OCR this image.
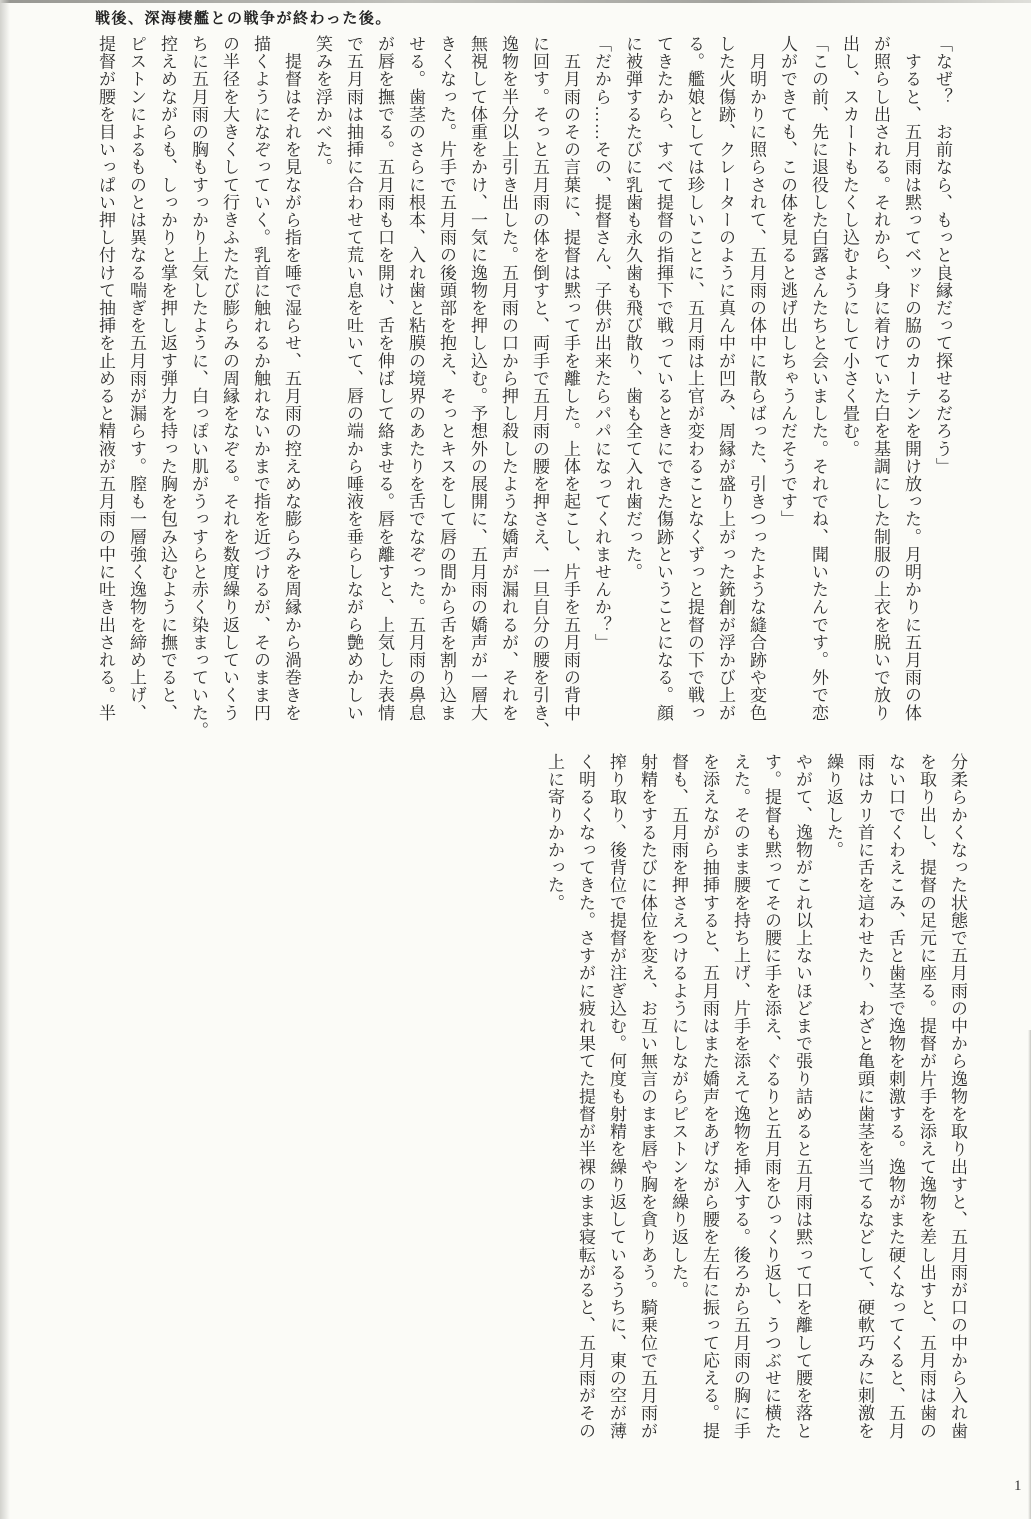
戦後、深海棲艦との戦争が終わった後。
「なぜ？　お前なら、もっと良縁だって探せるだろう」
　すると、五月雨は黙ってベッドの脇のカーテンを開け放った。月明かりに五月雨の体
が照らし出される。それから、身に着けていた白を基調にした制服の上衣を脱いで放り
出し、スカートもたくし込むようにして小さく畳む。
「この前、先に退役した白露さんたちと会いました。それでね、聞いたんです。外で恋
人ができても、この体を見ると逃げ出しちゃうんだそうです」
　月明かりに照らされて、五月雨の体中に散らばった、引きつったような縫合跡や変色
した火傷跡、クレーターのように真ん中が凹み、周縁が盛り上がった銃創が浮かび上が
る。艦娘としては珍しいことに、五月雨は上官が変わることなくずっと提督の下で戦っ
てきたから、すべて提督の指揮下で戦っているときにできた傷跡ということになる。顔
に被弾するたびに乳歯も永久歯も飛び散り、歯も全て入れ歯だった。
「だから……その、提督さん、子供が出来たらパパになってくれませんか？」
　五月雨のその言葉に、提督は黙って手を離した。上体を起こし、片手を五月雨の背中
に回す。そっと五月雨の体を倒すと、両手で五月雨の腰を押さえ、一旦自分の腰を引き、
逸物を半分以上引き出した。五月雨の口から押し殺したような嬌声が漏れるが、それを
無視して体重をかけ、一気に逸物を押し込む。予想外の展開に、五月雨の嬌声が一層大
きくなった。片手で五月雨の後頭部を抱え、そっとキスをして唇の間から舌を割り込ま
せる。歯茎のさらに根本、入れ歯と粘膜の境界のあたりを舌でなぞった。五月雨の鼻息
が唇を撫でる。五月雨も口を開け、舌を伸ばして絡ませる。唇を離すと、上気した表情
で五月雨は抽挿に合わせて荒い息を吐いて、唇の端から唾液を垂らしながら艶めかしい
笑みを浮かべた。
　提督はそれを見ながら指を唾で湿らせ、五月雨の控えめな膨らみを周縁から渦巻きを
描くようになぞっていく。乳首に触れるか触れないかまで指を近づけるが、そのまま円
の半径を大きくして行きふたたび膨らみの周縁をなぞる。それを数度繰り返していくう
ちに五月雨の胸もすっかり上気したように、白っぽい肌がうっすらと赤く染まっていた。
控えめながらも、しっかりと掌を押し返す弾力を持った胸を包み込むように撫でると、
ピストンによるものとは異なる喘ぎを五月雨が漏らす。膣も一層強く逸物を締め上げ、
提督が腰を目いっぱい押し付けて抽挿を止めると精液が五月雨の中に吐き出される。半
分柔らかくなった状態で五月雨の中から逸物を取り出すと、五月雨が口の中から入れ歯
を取り出し、提督の足元に座る。提督が片手を添えて逸物を差し出すと、五月雨は歯の
ない口でくわえこみ、舌と歯茎で逸物を刺激する。逸物がまた硬くなってくると、五月
雨はカリ首に舌を這わせたり、わざと亀頭に歯茎を当てるなどして、硬軟巧みに刺激を
繰り返した。
やがて、逸物がこれ以上ないほどまで張り詰めると五月雨は黙って口を離して腰を落と
す。提督も黙ってその腰に手を添え、ぐるりと五月雨をひっくり返し、うつぶせに横た
えた。そのまま腰を持ち上げ、片手を添えて逸物を挿入する。後ろから五月雨の胸に手
を添えながら抽挿すると、五月雨はまた嬌声をあげながら腰を左右に振って応える。提
督も、五月雨を押さえつけるようにしながらピストンを繰り返した。
射精をするたびに体位を変え、お互い無言のまま唇や胸を貪りあう。騎乗位で五月雨が
搾り取り、後背位で提督が注ぎ込む。何度も射精を繰り返しているうちに、東の空が薄
く明るくなってきた。さすがに疲れ果てた提督が半裸のまま寝転がると、五月雨がその
上に寄りかかった。
1
